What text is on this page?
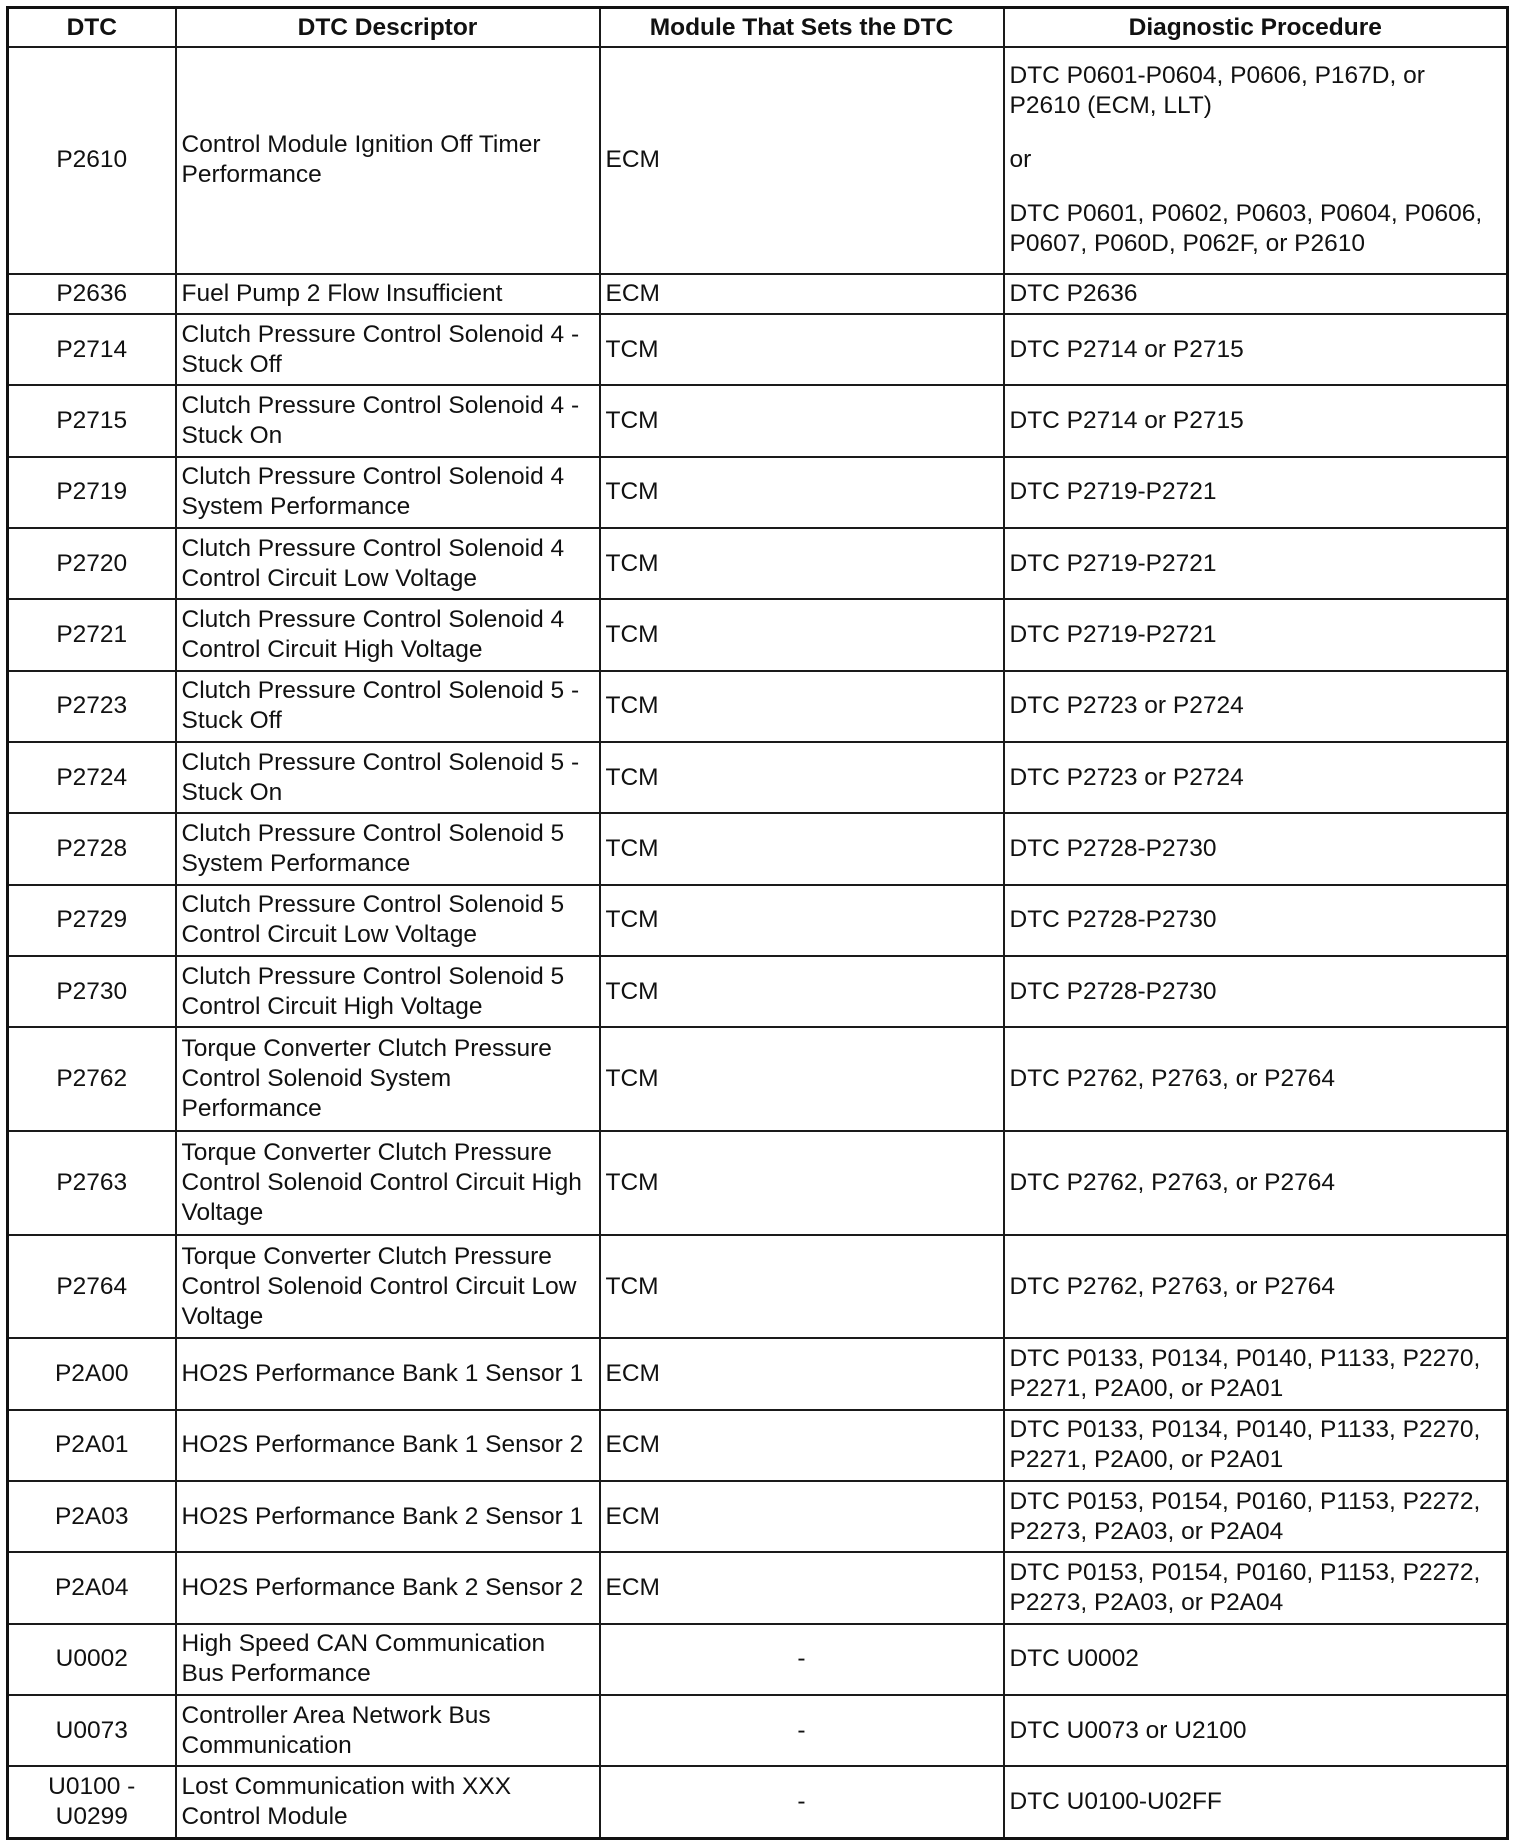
DTC	DTC Descriptor	Module That Sets the DTC	Diagnostic Procedure
P2610	Control Module Ignition Off Timer Performance	ECM	DTC P0601-P0604, P0606, P167D, or P2610 (ECM, LLT)
or
DTC P0601, P0602, P0603, P0604, P0606, P0607, P060D, P062F, or P2610

P2636	Fuel Pump 2 Flow Insufficient	ECM	DTC P2636

P2714	Clutch Pressure Control Solenoid 4 - Stuck Off	TCM	DTC P2714 or P2715

P2715	Clutch Pressure Control Solenoid 4 - Stuck On	TCM	DTC P2714 or P2715

P2719	Clutch Pressure Control Solenoid 4 System Performance	TCM	DTC P2719-P2721

P2720	Clutch Pressure Control Solenoid 4 Control Circuit Low Voltage	TCM	DTC P2719-P2721

P2721	Clutch Pressure Control Solenoid 4 Control Circuit High Voltage	TCM	DTC P2719-P2721

P2723	Clutch Pressure Control Solenoid 5 - Stuck Off	TCM	DTC P2723 or P2724

P2724	Clutch Pressure Control Solenoid 5 - Stuck On	TCM	DTC P2723 or P2724

P2728	Clutch Pressure Control Solenoid 5 System Performance	TCM	DTC P2728-P2730

P2729	Clutch Pressure Control Solenoid 5 Control Circuit Low Voltage	TCM	DTC P2728-P2730

P2730	Clutch Pressure Control Solenoid 5 Control Circuit High Voltage	TCM	DTC P2728-P2730

P2762	Torque Converter Clutch Pressure Control Solenoid System Performance	TCM	DTC P2762, P2763, or P2764

P2763	Torque Converter Clutch Pressure Control Solenoid Control Circuit High Voltage	TCM	DTC P2762, P2763, or P2764

P2764	Torque Converter Clutch Pressure Control Solenoid Control Circuit Low Voltage	TCM	DTC P2762, P2763, or P2764

P2A00	HO2S Performance Bank 1 Sensor 1	ECM	DTC P0133, P0134, P0140, P1133, P2270, P2271, P2A00, or P2A01

P2A01	HO2S Performance Bank 1 Sensor 2	ECM	DTC P0133, P0134, P0140, P1133, P2270, P2271, P2A00, or P2A01

P2A03	HO2S Performance Bank 2 Sensor 1	ECM	DTC P0153, P0154, P0160, P1153, P2272, P2273, P2A03, or P2A04

P2A04	HO2S Performance Bank 2 Sensor 2	ECM	DTC P0153, P0154, P0160, P1153, P2272, P2273, P2A03, or P2A04

U0002	High Speed CAN Communication Bus Performance	-	DTC U0002

U0073	Controller Area Network Bus Communication	-	DTC U0073 or U2100

U0100 - U0299	Lost Communication with XXX Control Module	-	DTC U0100-U02FF
